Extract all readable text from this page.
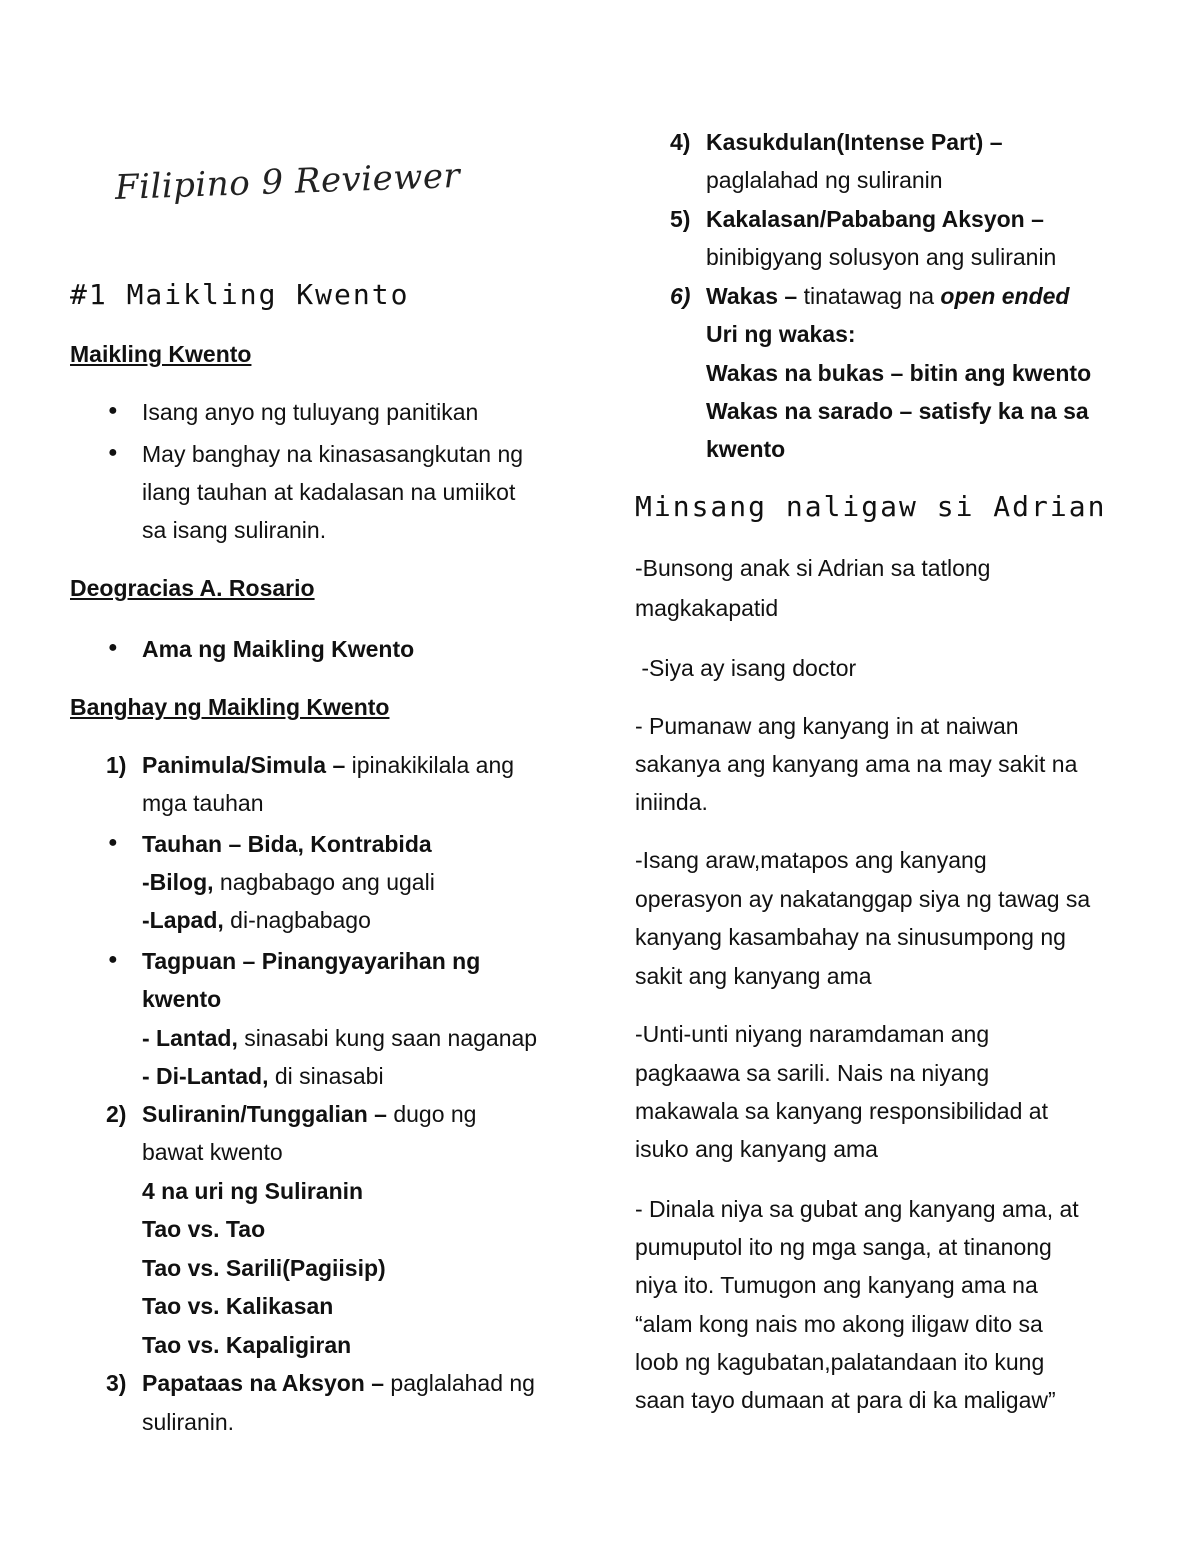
Filipino 9 Reviewer
#1 Maikling Kwento
Maikling Kwento
● Isang anyo ng tuluyang panitikan
● May banghay na kinasasangkutan ng
ilang tauhan at kadalasan na umiikot
sa isang suliranin.
Deogracias A. Rosario
● Ama ng Maikling Kwento
Banghay ng Maikling Kwento
1) Panimula/Simula – ipinakikilala ang
mga tauhan
● Tauhan – Bida, Kontrabida
-Bilog, nagbabago ang ugali
-Lapad, di-nagbabago
● Tagpuan – Pinangyayarihan ng
kwento
- Lantad, sinasabi kung saan naganap
- Di-Lantad, di sinasabi
2) Suliranin/Tunggalian – dugo ng
bawat kwento
4 na uri ng Suliranin
Tao vs. Tao
Tao vs. Sarili(Pagiisip)
Tao vs. Kalikasan
Tao vs. Kapaligiran
3) Papataas na Aksyon – paglalahad ng
suliranin.
4) Kasukdulan(Intense Part) –
paglalahad ng suliranin
5) Kakalasan/Pababang Aksyon –
binibigyang solusyon ang suliranin
6) Wakas – tinatawag na open ended
Uri ng wakas:
Wakas na bukas – bitin ang kwento
Wakas na sarado – satisfy ka na sa
kwento
Minsang naligaw si Adrian
-Bunsong anak si Adrian sa tatlong
magkakapatid
-Siya ay isang doctor
- Pumanaw ang kanyang in at naiwan
sakanya ang kanyang ama na may sakit na
iniinda.
-Isang araw,matapos ang kanyang
operasyon ay nakatanggap siya ng tawag sa
kanyang kasambahay na sinusumpong ng
sakit ang kanyang ama
-Unti-unti niyang naramdaman ang
pagkaawa sa sarili. Nais na niyang
makawala sa kanyang responsibilidad at
isuko ang kanyang ama
- Dinala niya sa gubat ang kanyang ama, at
pumuputol ito ng mga sanga, at tinanong
niya ito. Tumugon ang kanyang ama na
“alam kong nais mo akong iligaw dito sa
loob ng kagubatan,palatandaan ito kung
saan tayo dumaan at para di ka maligaw”
